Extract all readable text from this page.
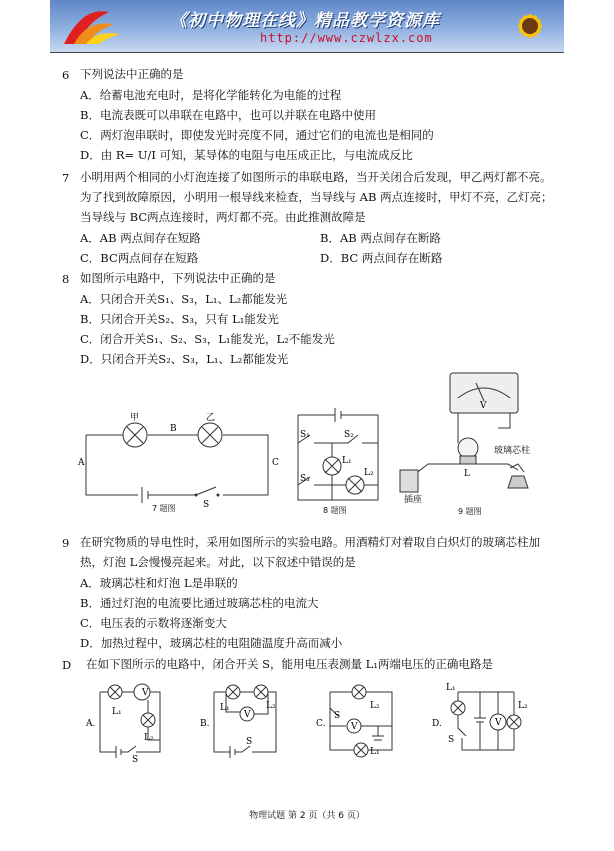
《初中物理在线》精品教学资源库
http://www.czwlzx.com
6 下列说法中正确的是
A．给蓄电池充电时，是将化学能转化为电能的过程
B．电流表既可以串联在电路中，也可以并联在电路中使用
C．两灯泡串联时，即使发光时亮度不同，通过它们的电流也是相同的
D．由 R= U/I 可知，某导体的电阻与电压成正比，与电流成反比
7 小明用两个相同的小灯泡连接了如图所示的串联电路，当开关闭合后发现，甲乙两灯都不亮。
为了找到故障原因，小明用一根导线来检查，当导线与 AB 两点连接时，甲灯不亮，乙灯亮；
当导线与 BC两点连接时，两灯都不亮。由此推测故障是
A．AB 两点间存在短路	B．AB 两点间存在断路
C．BC两点间存在短路	D．BC 两点间存在断路
8 如图所示电路中，下列说法中正确的是
A．只闭合开关S₁、S₃，L₁、L₂都能发光
B．只闭合开关S₂、S₃，只有 L₁能发光
C．闭合开关S₁、S₂、S₃，L₁能发光，L₂不能发光
D．只闭合开关S₂、S₃，L₁、L₂都能发光
甲	乙
A
B
C
S
7 题图
S₁	S₂
S₃
L₁
L₂
8 题图
L
V
玻璃芯柱
插座
9 题图
9 在研究物质的导电性时，采用如图所示的实验电路。用酒精灯对着取自白炽灯的玻璃芯柱加
热，灯泡 L会慢慢亮起来。对此，以下叙述中错误的是
A．玻璃芯柱和灯泡 L是串联的
B．通过灯泡的电流要比通过玻璃芯柱的电流大
C．电压表的示数将逐渐变大
D．加热过程中，玻璃芯柱的电阻随温度升高而减小
D 在如下图所示的电路中，闭合开关 S，能用电压表测量 L₁两端电压的正确电路是
V
A.
L₁
L₂
S
V
B.
L₁	L₂
S
V
C.
L₁
L₂
S
V
D.
L₁
L₂
S
物理试题 第 2 页（共 6 页）
